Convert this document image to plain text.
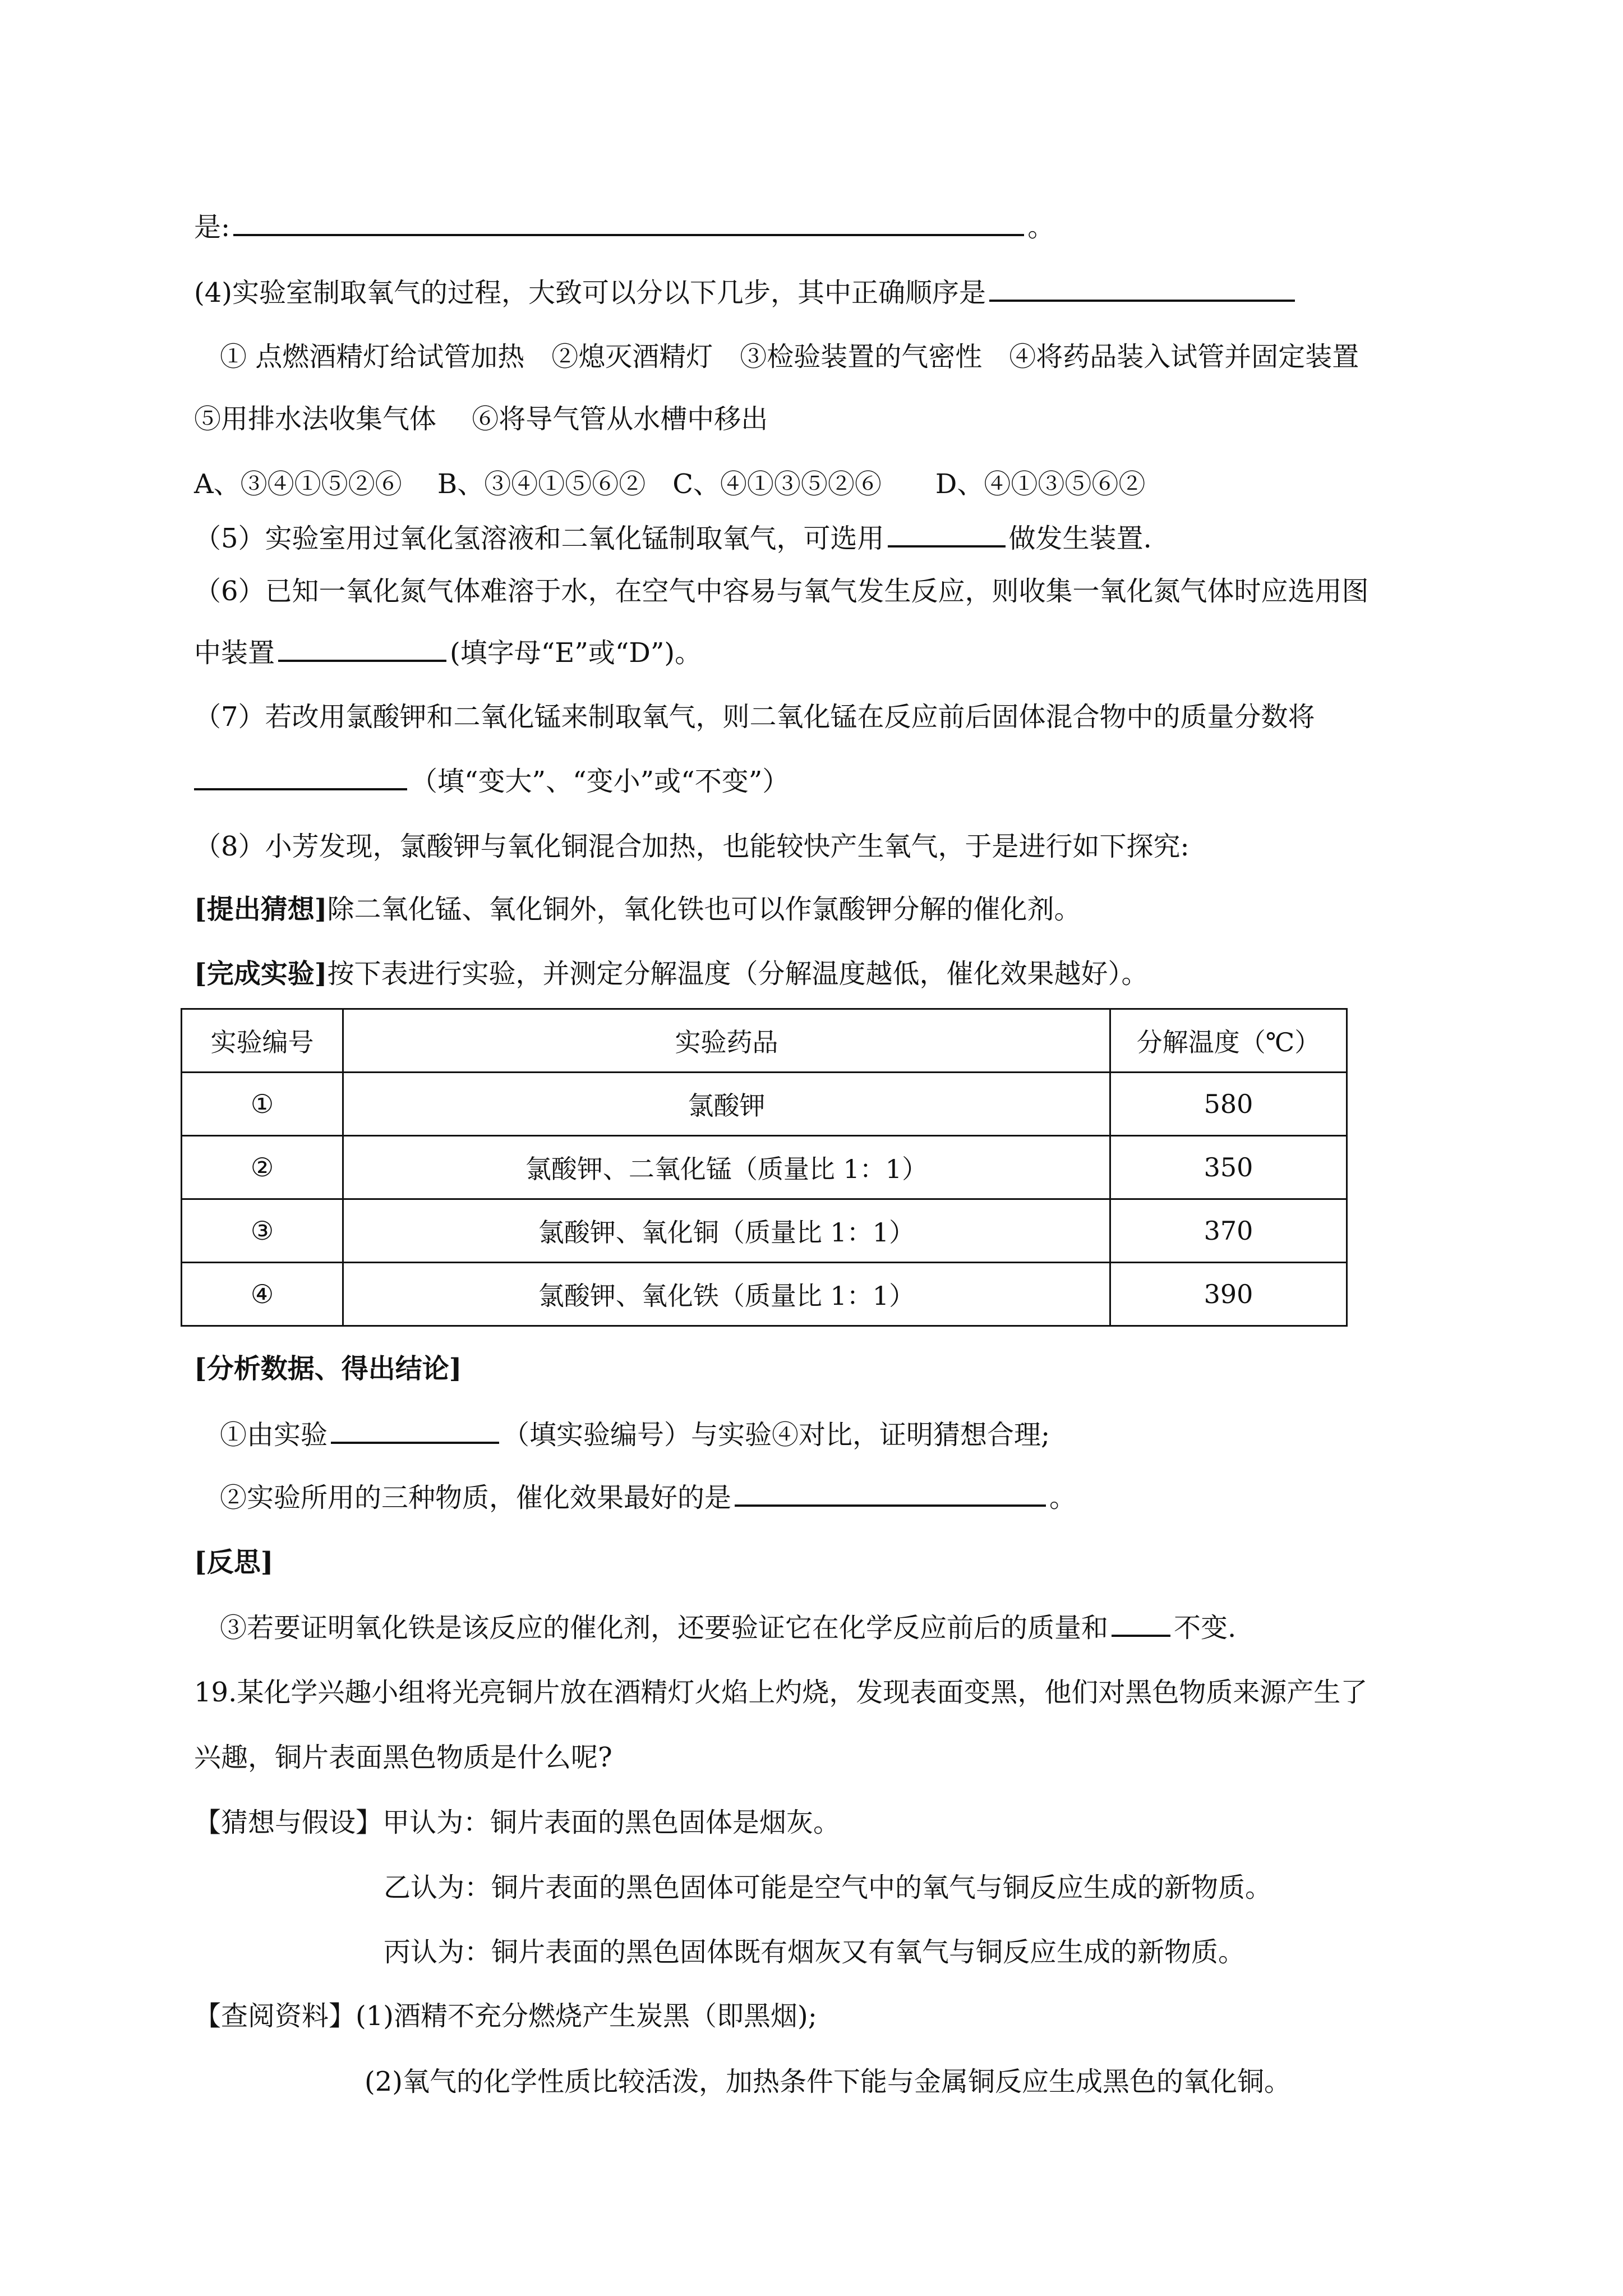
是:	。
(4)实验室制取氧气的过程，大致可以分以下几步，其中正确顺序是
① 点燃酒精灯给试管加热　②熄灭酒精灯　③检验装置的气密性　④将药品装入试管并固定装置
⑤用排水法收集气体　 ⑥将导气管从水槽中移出
A、③④①⑤②⑥　 B、③④①⑤⑥②　C、④①③⑤②⑥　　D、④①③⑤⑥②
（5）实验室用过氧化氢溶液和二氧化锰制取氧气，可选用	做发生装置.
（6）已知一氧化氮气体难溶于水，在空气中容易与氧气发生反应，则收集一氧化氮气体时应选用图
中装置	(填字母“E”或“D”)。
（7）若改用氯酸钾和二氧化锰来制取氧气，则二氧化锰在反应前后固体混合物中的质量分数将
（填“变大”、“变小”或“不变”）
（8）小芳发现，氯酸钾与氧化铜混合加热，也能较快产生氧气，于是进行如下探究:
[提出猜想]除二氧化锰、氧化铜外，氧化铁也可以作氯酸钾分解的催化剂。
[完成实验]按下表进行实验，并测定分解温度（分解温度越低，催化效果越好）。
实验编号	实验药品	分解温度（℃）
①	氯酸钾	580
②	氯酸钾、二氧化锰（质量比 1：1）	350
③	氯酸钾、氧化铜（质量比 1：1）	370
④	氯酸钾、氧化铁（质量比 1：1）	390
[分析数据、得出结论]
①由实验	（填实验编号）与实验④对比，证明猜想合理;
②实验所用的三种物质，催化效果最好的是	。
[反思]
③若要证明氧化铁是该反应的催化剂，还要验证它在化学反应前后的质量和 不变.
19.某化学兴趣小组将光亮铜片放在酒精灯火焰上灼烧，发现表面变黑，他们对黑色物质来源产生了
兴趣，铜片表面黑色物质是什么呢?
【猜想与假设】甲认为：铜片表面的黑色固体是烟灰。
乙认为：铜片表面的黑色固体可能是空气中的氧气与铜反应生成的新物质。
丙认为：铜片表面的黑色固体既有烟灰又有氧气与铜反应生成的新物质。
【查阅资料】(1)酒精不充分燃烧产生炭黑（即黑烟);
(2)氧气的化学性质比较活泼，加热条件下能与金属铜反应生成黑色的氧化铜。
